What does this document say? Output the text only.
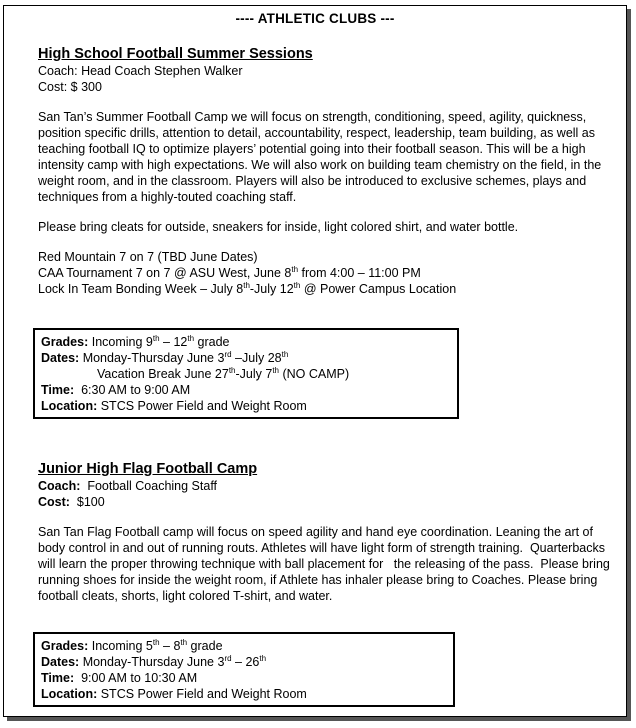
---- ATHLETIC CLUBS ---
High School Football Summer Sessions
Coach: Head Coach Stephen Walker
Cost: $ 300
San Tan’s Summer Football Camp we will focus on strength, conditioning, speed, agility, quickness, position specific drills, attention to detail, accountability, respect, leadership, team building, as well as teaching football IQ to optimize players’ potential going into their football season. This will be a high intensity camp with high expectations. We will also work on building team chemistry on the field, in the weight room, and in the classroom. Players will also be introduced to exclusive schemes, plays and techniques from a highly-touted coaching staff.
Please bring cleats for outside, sneakers for inside, light colored shirt, and water bottle.
Red Mountain 7 on 7 (TBD June Dates)
CAA Tournament 7 on 7 @ ASU West, June 8th from 4:00 – 11:00 PM
Lock In Team Bonding Week – July 8th-July 12th @ Power Campus Location
Grades: Incoming 9th – 12th grade
Dates: Monday-Thursday June 3rd –July 28th
Vacation Break June 27th-July 7th (NO CAMP)
Time:  6:30 AM to 9:00 AM
Location: STCS Power Field and Weight Room
Junior High Flag Football Camp
Coach:  Football Coaching Staff
Cost:  $100
San Tan Flag Football camp will focus on speed agility and hand eye coordination. Leaning the art of body control in and out of running routs. Athletes will have light form of strength training.  Quarterbacks will learn the proper throwing technique with ball placement for   the releasing of the pass.  Please bring running shoes for inside the weight room, if Athlete has inhaler please bring to Coaches. Please bring football cleats, shorts, light colored T-shirt, and water.
Grades: Incoming 5th – 8th grade
Dates: Monday-Thursday June 3rd – 26th
Time:  9:00 AM to 10:30 AM
Location: STCS Power Field and Weight Room
